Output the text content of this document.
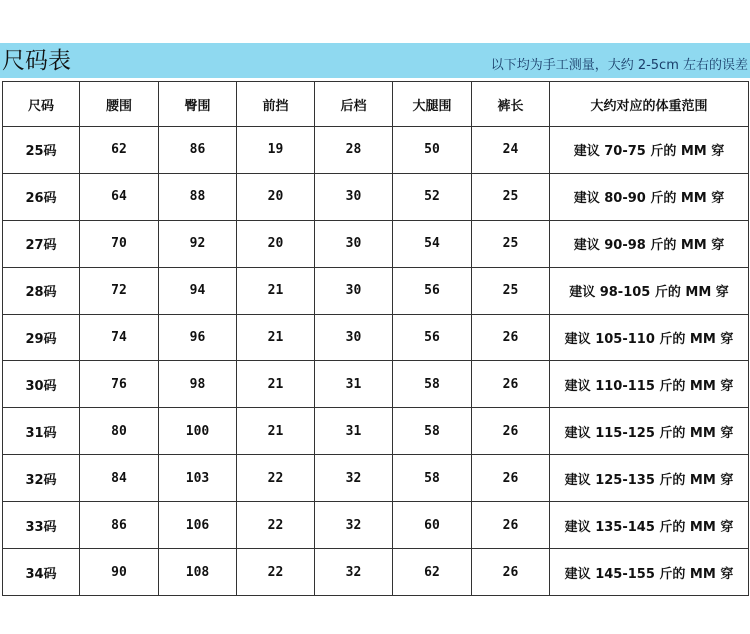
尺码表	以下均为手工测量，大约 2-5cm 左右的误差
尺码	腰围	臀围	前挡	后档	大腿围	裤长	大约对应的体重范围
25码	62	86	19	28	50	24	建议 70-75 斤的 MM 穿
26码	64	88	20	30	52	25	建议 80-90 斤的 MM 穿
27码	70	92	20	30	54	25	建议 90-98 斤的 MM 穿
28码	72	94	21	30	56	25	建议 98-105 斤的 MM 穿
29码	74	96	21	30	56	26	建议 105-110 斤的 MM 穿
30码	76	98	21	31	58	26	建议 110-115 斤的 MM 穿
31码	80	100	21	31	58	26	建议 115-125 斤的 MM 穿
32码	84	103	22	32	58	26	建议 125-135 斤的 MM 穿
33码	86	106	22	32	60	26	建议 135-145 斤的 MM 穿
34码	90	108	22	32	62	26	建议 145-155 斤的 MM 穿
